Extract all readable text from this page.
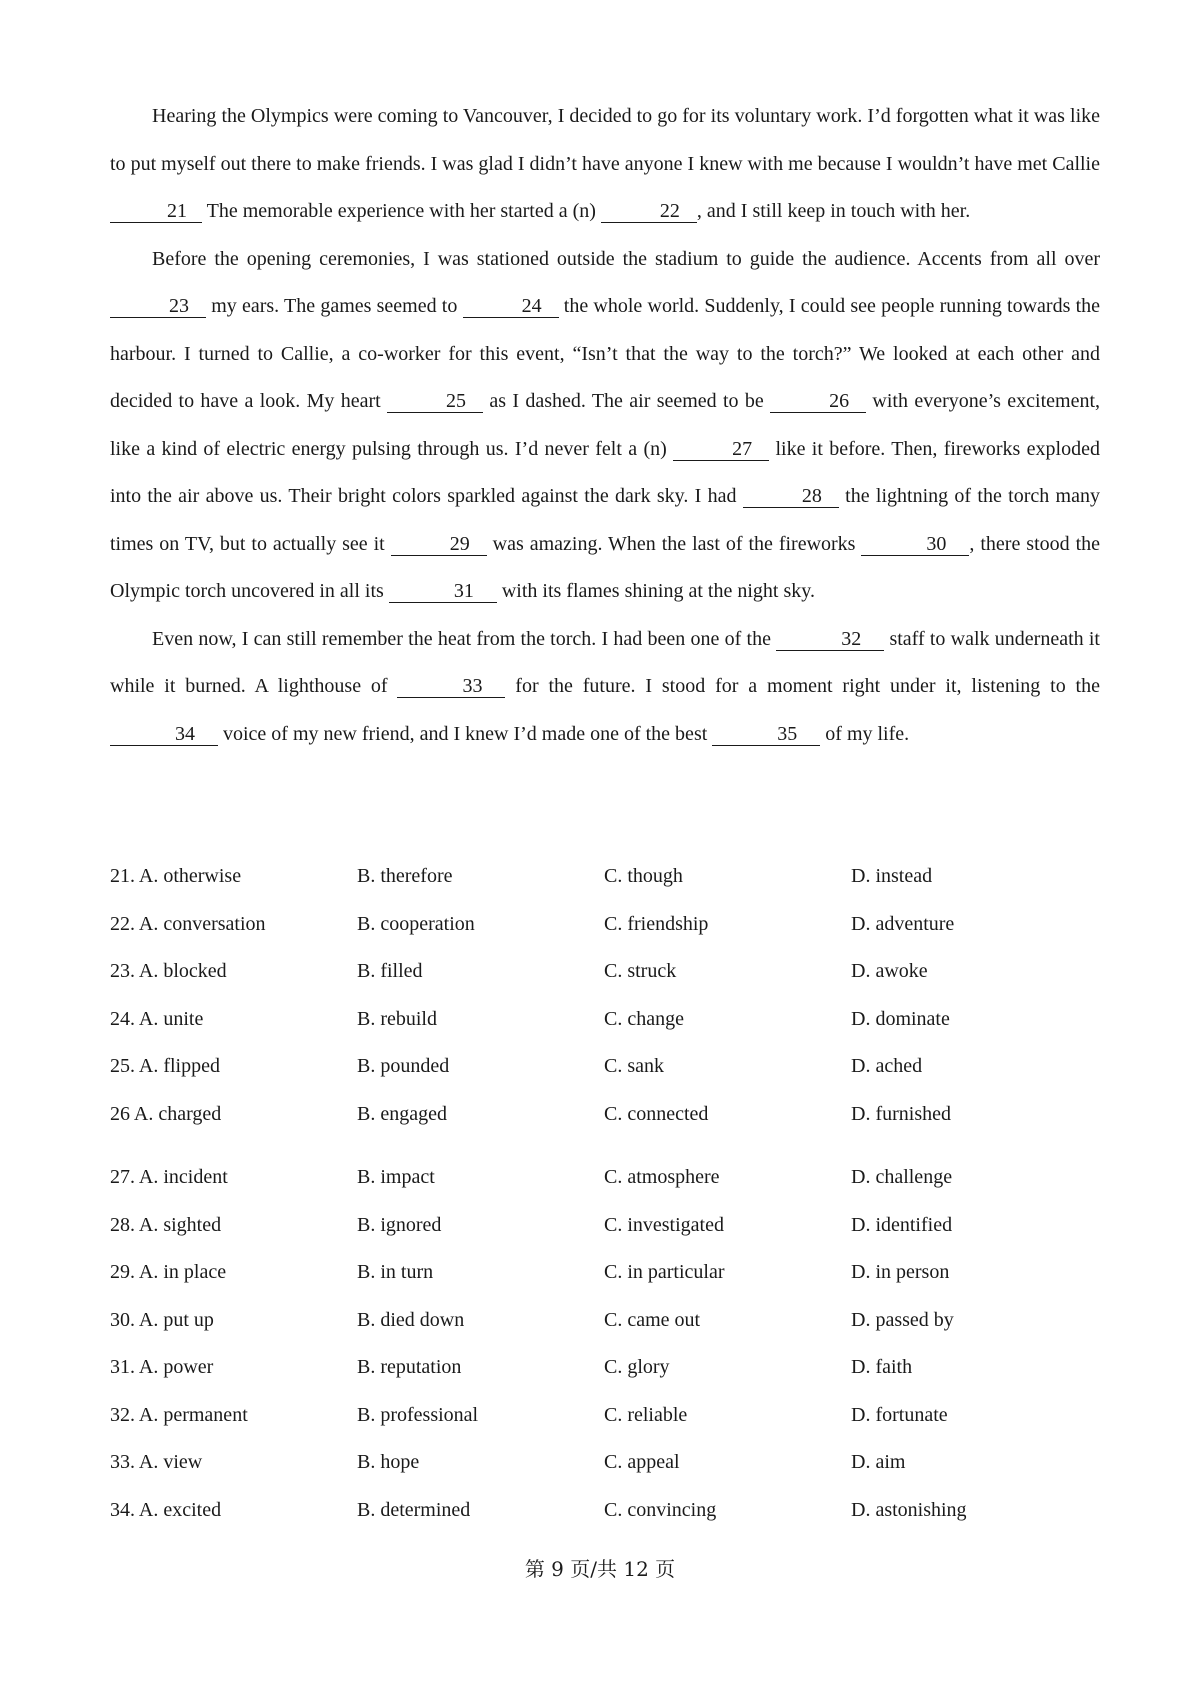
Hearing the Olympics were coming to Vancouver, I decided to go for its voluntary work. I’d forgotten what it was like to put myself out there to make friends. I was glad I didn’t have anyone I knew with me because I wouldn’t have met Callie 21 The memorable experience with her started a (n)	22 , and I still keep in touch with her.

Before the opening ceremonies, I was stationed outside the stadium to guide the audience. Accents from all over 23 my ears. The games seemed to	24 the whole world. Suddenly, I could see people running towards the harbour. I turned to Callie, a co-worker for this event, “Isn’t that the way to the torch?” We looked at each other and decided to have a look. My heart	25 as I dashed. The air seemed to be	26 with everyone’s excitement, like a kind of electric energy pulsing through us. I’d never felt a (n)	27 like it before. Then, fireworks exploded into the air above us. Their bright colors sparkled against the dark sky. I had	28 the lightning of the torch many times on TV, but to actually see it	29 was amazing. When the last of the fireworks	30 , there stood the Olympic torch uncovered in all its	31 with its flames shining at the night sky.

Even now, I can still remember the heat from the torch. I had been one of the	32 staff to walk underneath it while it burned. A lighthouse of	33 for the future. I stood for a moment right under it, listening to the 34 voice of my new friend, and I knew I’d made one of the best	35 of my life.

21. A. otherwise	B. therefore	C. though	D. instead
22. A. conversation	B. cooperation	C. friendship	D. adventure
23. A. blocked	B. filled	C. struck	D. awoke
24. A. unite	B. rebuild	C. change	D. dominate
25. A. flipped	B. pounded	C. sank	D. ached
26 A. charged	B. engaged	C. connected	D. furnished
27. A. incident	B. impact	C. atmosphere	D. challenge
28. A. sighted	B. ignored	C. investigated	D. identified
29. A. in place	B. in turn	C. in particular	D. in person
30. A. put up	B. died down	C. came out	D. passed by
31. A. power	B. reputation	C. glory	D. faith
32. A. permanent	B. professional	C. reliable	D. fortunate
33. A. view	B. hope	C. appeal	D. aim
34. A. excited	B. determined	C. convincing	D. astonishing
第 9 页/共 12 页
